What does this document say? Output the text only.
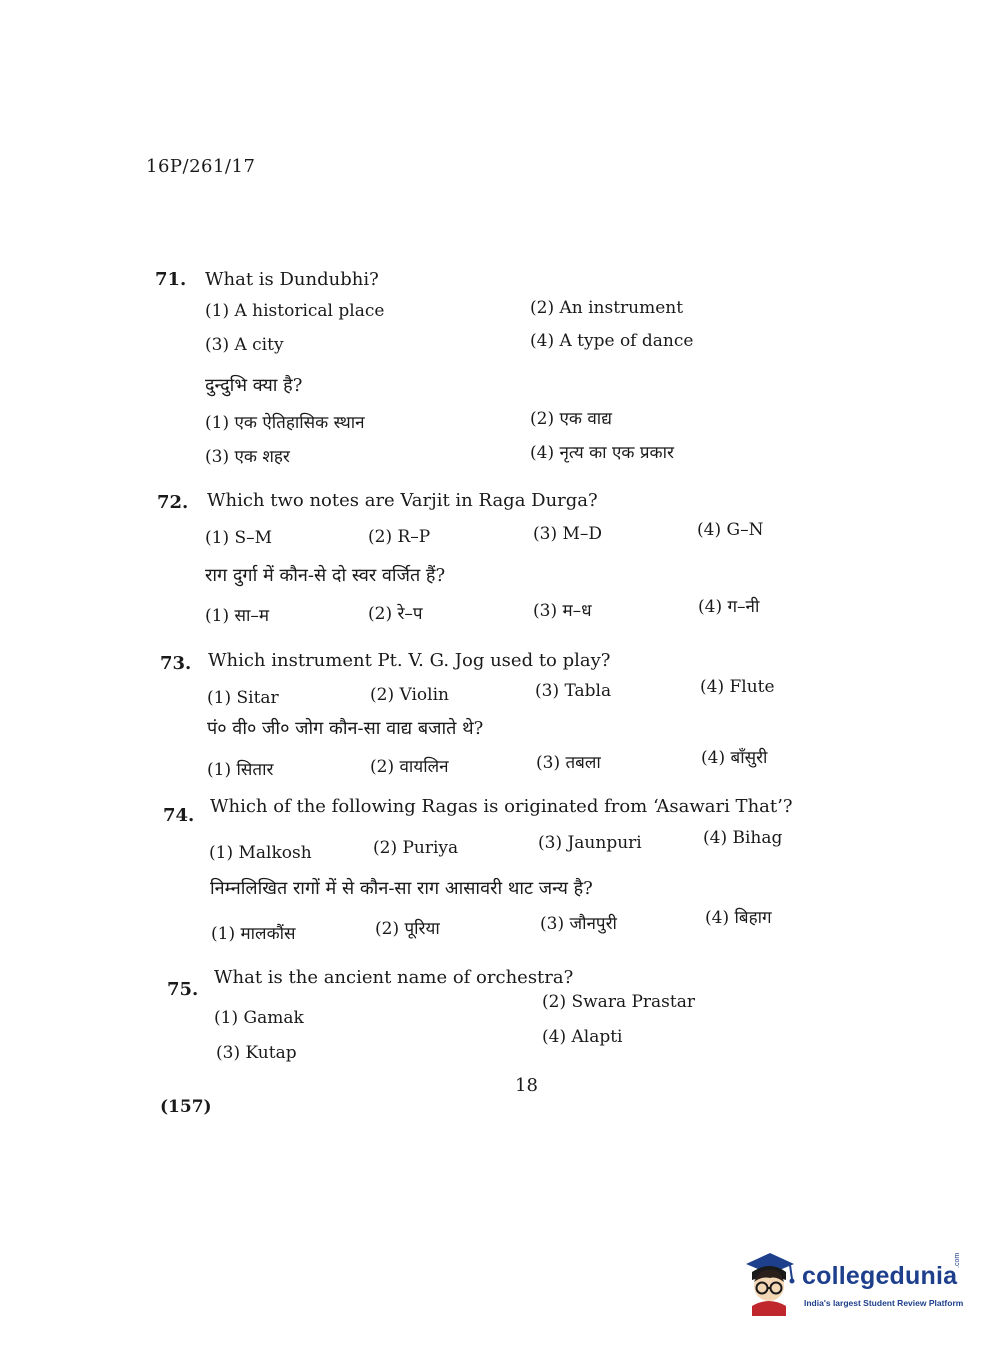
16P/261/17
71. What is Dundubhi?
(1) A historical place	(2) An instrument
(3) A city	(4) A type of dance
दुन्दुभि क्या है?
(1) एक ऐतिहासिक स्थान	(2) एक वाद्य
(3) एक शहर	(4) नृत्य का एक प्रकार
72. Which two notes are Varjit in Raga Durga?
(1) S–M	(2) R–P	(3) M–D	(4) G–N
राग दुर्गा में कौन-से दो स्वर वर्जित हैं?
(1) सा–म	(2) रे–प	(3) म–ध	(4) ग–नी
73. Which instrument Pt. V. G. Jog used to play?
(1) Sitar	(2) Violin	(3) Tabla	(4) Flute
पं० वी० जी० जोग कौन-सा वाद्य बजाते थे?
(1) सितार	(2) वायलिन	(3) तबला	(4) बाँसुरी
74. Which of the following Ragas is originated from ‘Asawari That’?
(1) Malkosh	(2) Puriya	(3) Jaunpuri	(4) Bihag
निम्नलिखित रागों में से कौन-सा राग आसावरी थाट जन्य है?
(1) मालकौंस	(2) पूरिया	(3) जौनपुरी	(4) बिहाग
75.
What is the ancient name of orchestra?
(1) Gamak
(2) Swara Prastar
(3) Kutap
(4) Alapti
18
(157)
collegedunia
.com
India's largest Student Review Platform
